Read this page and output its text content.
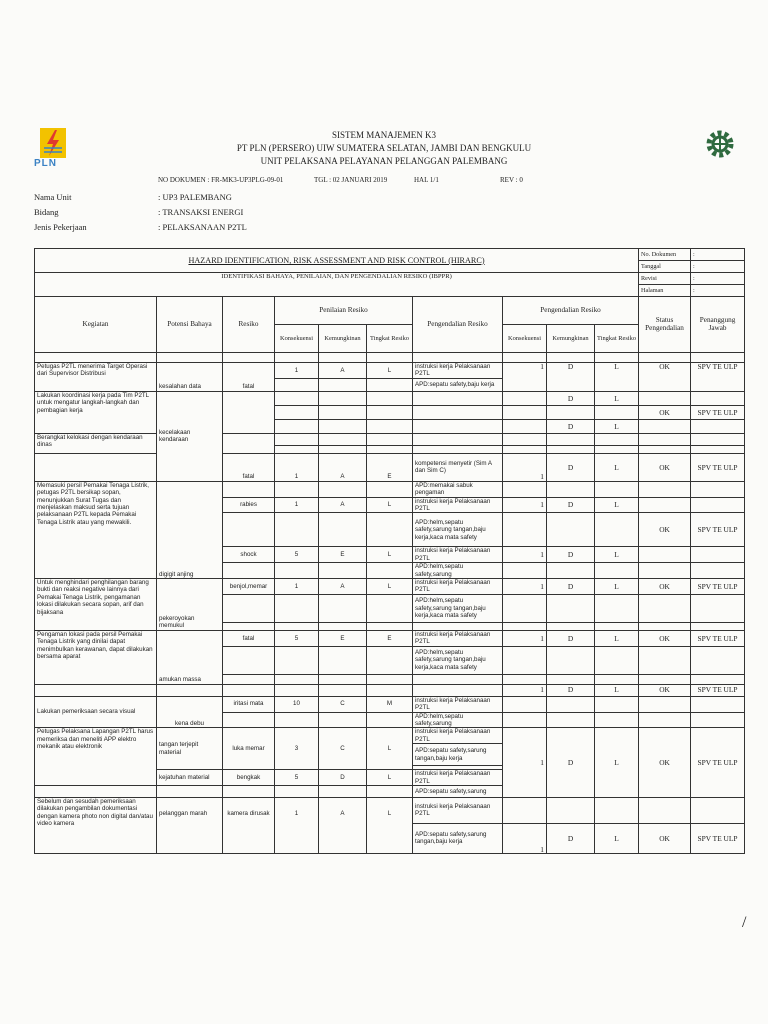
PLN
SISTEM MANAJEMEN K3
PT PLN (PERSERO) UIW SUMATERA SELATAN, JAMBI DAN BENGKULU
UNIT PELAKSANA PELAYANAN PELANGGAN PALEMBANG
NO DOKUMEN : FR-MK3-UP3PLG-09-01	TGL : 02 JANUARI 2019	HAL 1/1	REV : 0
Nama Unit	: UP3 PALEMBANG
Bidang	: TRANSAKSI ENERGI
Jenis Pekerjaan	: PELAKSANAAN P2TL
HAZARD IDENTIFICATION, RISK ASSESSMENT AND RISK CONTROL (HIRARC)										No. Dokumen	:
										Tanggal	:
IDENTIFIKASI BAHAYA, PENILAIAN, DAN PENGENDALIAN RESIKO (IBPPR)										Revisi	:
										Halaman	:
Kegiatan	Potensi Bahaya	Resiko	Penilaian Resiko			Pengendalian Resiko	Pengendalian Resiko			Status Pengendalian	Penanggung Jawab
			Konsekuensi	Kemungkinan	Tingkat Resiko		Konsekuensi	Kemungkinan	Tingkat Resiko		

Petugas P2TL menerima Target Operasi dari Supervisor Distribusi	kesalahan data	fatal	1	A	L	instruksi kerja Pelaksanaan P2TL	1	D	L	OK	SPV TE ULP
						APD:sepatu safety,baju kerja					
Lakukan koordinasi kerja pada Tim P2TL untuk mengatur langkah-langkah dan pembagian kerja	kecelakaan kendaraan							D	L		
										OK	SPV TE ULP
								D	L		
Berangkat kelokasi dengan kendaraan dinas											

		fatal	1	A	E	kompetensi menyetir (Sim A dan Sim C)	1	D	L	OK	SPV TE ULP
Memasuki persil Pemakai Tenaga Listrik, petugas P2TL bersikap sopan, menunjukkan Surat Tugas dan menjelaskan maksud serta tujuan pelaksanaan P2TL kepada Pemakai Tenaga Listrik atau yang mewakili.	digigit anjing					APD:memakai sabuk pengaman					
		rabies	1	A	L	instruksi kerja Pelaksanaan P2TL	1	D	L		
						APD:helm,sepatu safety,sarung tangan,baju kerja,kaca mata safety				OK	SPV TE ULP
		shock	5	E	L	instruksi kerja Pelaksanaan P2TL	1	D	L		
						APD:helm,sepatu safety,sarung					
Untuk menghindari penghilangan barang bukti dan reaksi negative lainnya dari Pemakai Tenaga Listrik, pengamanan lokasi dilakukan secara sopan, arif dan bijaksana	pekeroyokan memukul	benjol,memar	1	A	L	instruksi kerja Pelaksanaan P2TL	1	D	L	OK	SPV TE ULP
						APD:helm,sepatu safety,sarung tangan,baju kerja,kaca mata safety					

Pengaman lokasi pada persil Pemakai Tenaga Listrik yang dinilai dapat menimbulkan kerawanan, dapat dilakukan bersama aparat	amukan massa	fatal	5	E	E	instruksi kerja Pelaksanaan P2TL	1	D	L	OK	SPV TE ULP
						APD:helm,sepatu safety,sarung tangan,baju kerja,kaca mata safety					

							1	D	L	OK	SPV TE ULP
Lakukan pemeriksaan secara visual	kena debu	iritasi mata	10	C	M	instruksi kerja Pelaksanaan P2TL					
						APD:helm,sepatu safety,sarung					
Petugas Pelaksana Lapangan P2TL harus memeriksa dan meneliti APP elektro mekanik atau elektronik	tangan terjepit material	luka memar	3	C	L	instruksi kerja Pelaksanaan P2TL	1	D	L	OK	SPV TE ULP
						APD:sepatu safety,sarung tangan,baju kerja					

	kejatuhan material	bengkak	5	D	L	instruksi kerja Pelaksanaan P2TL					
						APD:sepatu safety,sarung					
Sebelum dan sesudah pemeriksaan dilakukan pengambilan dokumentasi dengan kamera photo non digital dan/atau video kamera	pelanggan marah	kamera dirusak	1	A	L	instruksi kerja Pelaksanaan P2TL					
						APD:sepatu safety,sarung tangan,baju kerja	1	D	L	OK	SPV TE ULP
/
